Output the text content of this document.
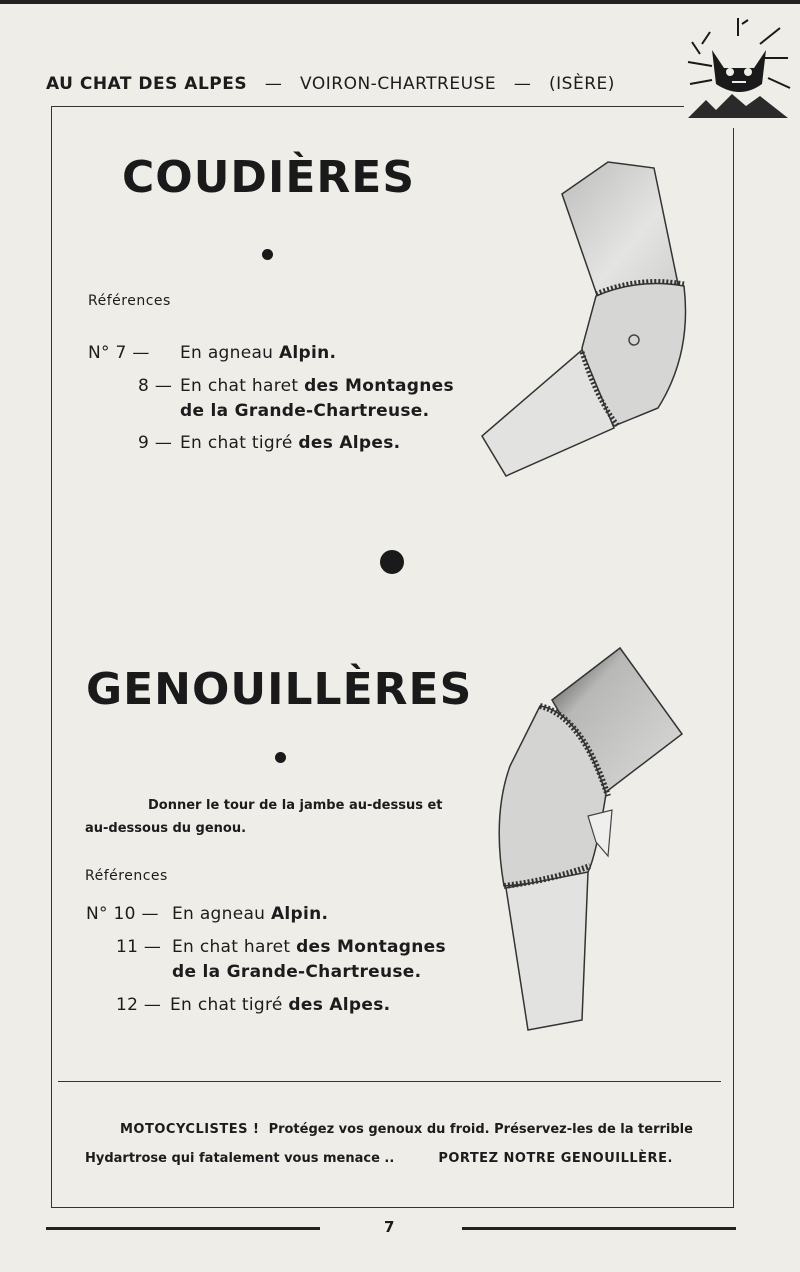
AU CHAT DES ALPES — VOIRON-CHARTREUSE — (ISÈRE)
COUDIÈRES
Références
N° 7 — En agneau Alpin.
8 — En chat haret des Montagnes
de la Grande-Chartreuse.
9 — En chat tigré des Alpes.
GENOUILLÈRES
Donner le tour de la jambe au-dessus et
au-dessous du genou.
Références
N° 10 — En agneau Alpin.
11 — En chat haret des Montagnes
de la Grande-Chartreuse.
12 — En chat tigré des Alpes.
MOTOCYCLISTES ! Protégez vos genoux du froid. Préservez-les de la terrible
Hydartrose qui fatalement vous menace ..	PORTEZ NOTRE GENOUILLÈRE.
7
